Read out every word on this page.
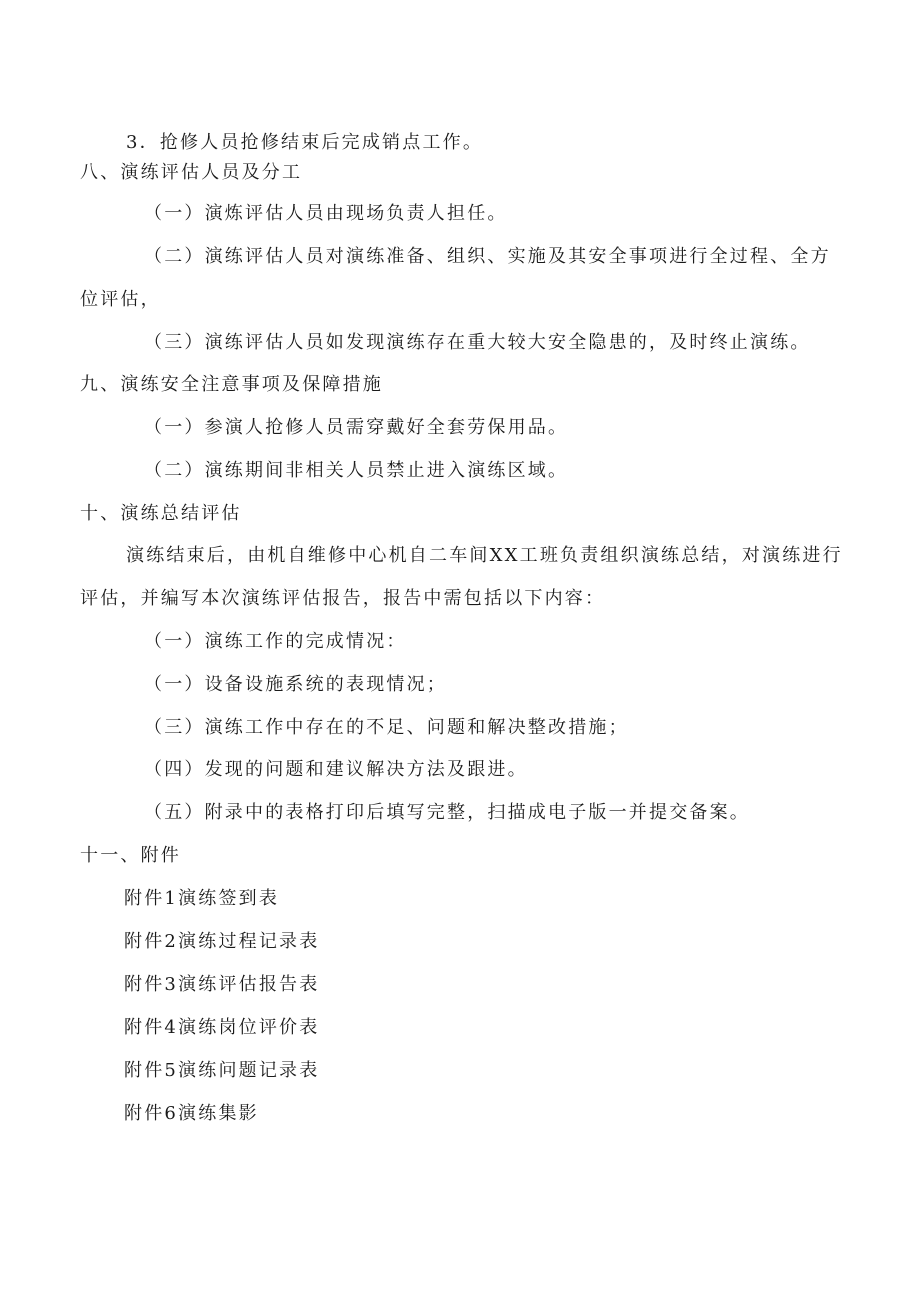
3．抢修人员抢修结束后完成销点工作。
八、演练评估人员及分工
（一）演炼评估人员由现场负责人担任。
（二）演练评估人员对演练准备、组织、实施及其安全事项进行全过程、全方
位评估，
（三）演练评估人员如发现演练存在重大较大安全隐患的，及时终止演练。
九、演练安全注意事项及保障措施
（一）参演人抢修人员需穿戴好全套劳保用品。
（二）演练期间非相关人员禁止进入演练区域。
十、演练总结评估
演练结束后，由机自维修中心机自二车间XX工班负责组织演练总结，对演练进行
评估，并编写本次演练评估报告，报告中需包括以下内容：
（一）演练工作的完成情况：
（一）设备设施系统的表现情况；
（三）演练工作中存在的不足、问题和解决整改措施；
（四）发现的问题和建议解决方法及跟进。
（五）附录中的表格打印后填写完整，扫描成电子版一并提交备案。
十一、附件
附件1演练签到表
附件2演练过程记录表
附件3演练评估报告表
附件4演练岗位评价表
附件5演练问题记录表
附件6演练集影
